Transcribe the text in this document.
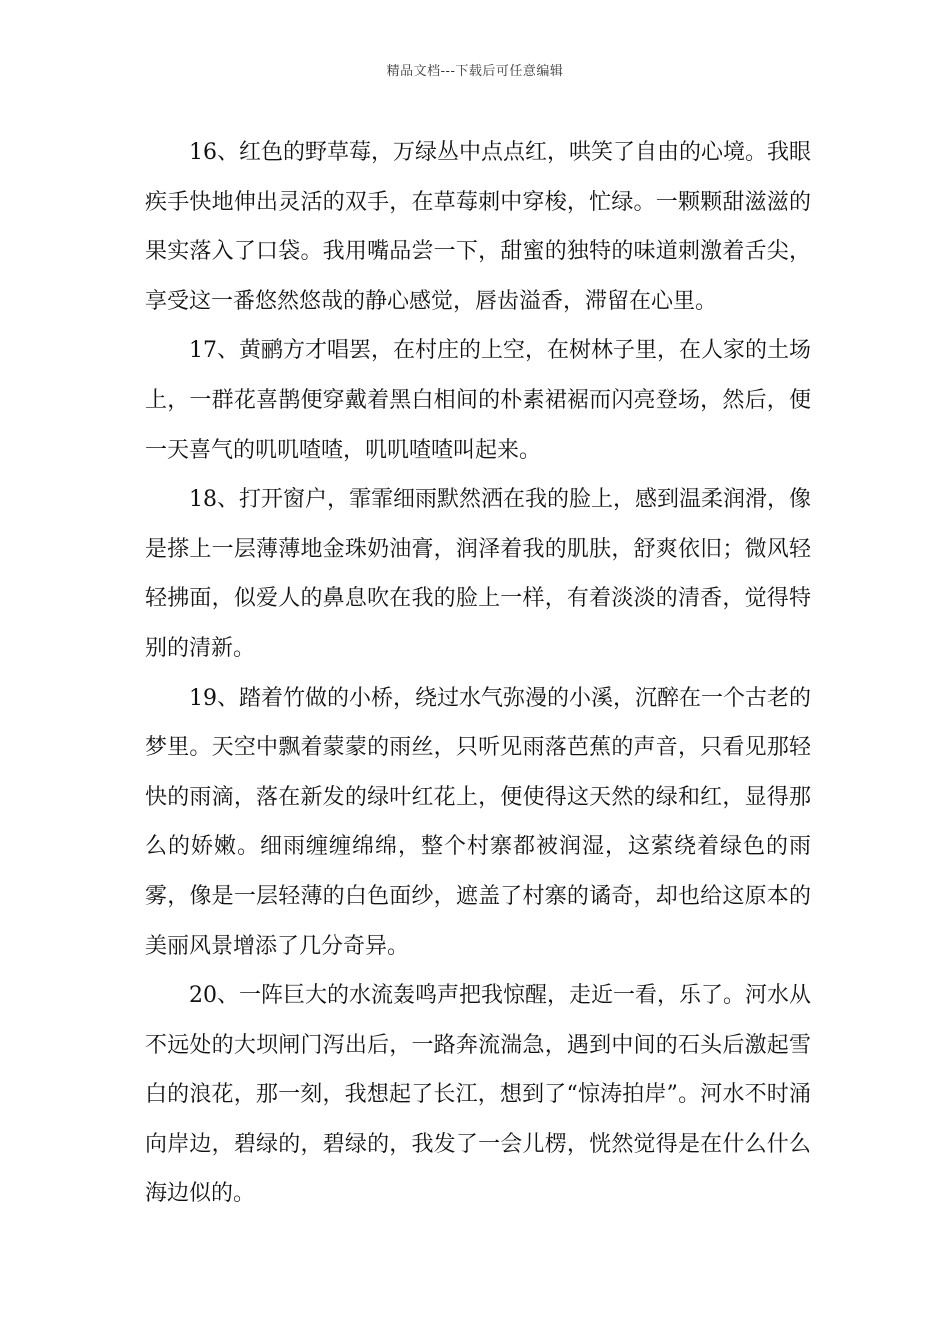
精品文档---下载后可任意编辑

16、红色的野草莓，万绿丛中点点红，哄笑了自由的心境。我眼疾手快地伸出灵活的双手，在草莓刺中穿梭，忙绿。一颗颗甜滋滋的果实落入了口袋。我用嘴品尝一下，甜蜜的独特的味道刺激着舌尖，享受这一番悠然悠哉的静心感觉，唇齿溢香，滞留在心里。

17、黄鹂方才唱罢，在村庄的上空，在树林子里，在人家的土场上，一群花喜鹊便穿戴着黑白相间的朴素裙裾而闪亮登场，然后，便一天喜气的叽叽喳喳，叽叽喳喳叫起来。

18、打开窗户，霏霏细雨默然洒在我的脸上，感到温柔润滑，像是搽上一层薄薄地金珠奶油膏，润泽着我的肌肤，舒爽依旧；微风轻轻拂面，似爱人的鼻息吹在我的脸上一样，有着淡淡的清香，觉得特别的清新。

19、踏着竹做的小桥，绕过水气弥漫的小溪，沉醉在一个古老的梦里。天空中飘着蒙蒙的雨丝，只听见雨落芭蕉的声音，只看见那轻快的雨滴，落在新发的绿叶红花上，便使得这天然的绿和红，显得那么的娇嫩。细雨缠缠绵绵，整个村寨都被润湿，这萦绕着绿色的雨雾，像是一层轻薄的白色面纱，遮盖了村寨的谲奇，却也给这原本的美丽风景增添了几分奇异。

20、一阵巨大的水流轰鸣声把我惊醒，走近一看，乐了。河水从不远处的大坝闸门泻出后，一路奔流湍急，遇到中间的石头后激起雪白的浪花，那一刻，我想起了长江，想到了“惊涛拍岸”。河水不时涌向岸边，碧绿的，碧绿的，我发了一会儿楞，恍然觉得是在什么什么海边似的。
